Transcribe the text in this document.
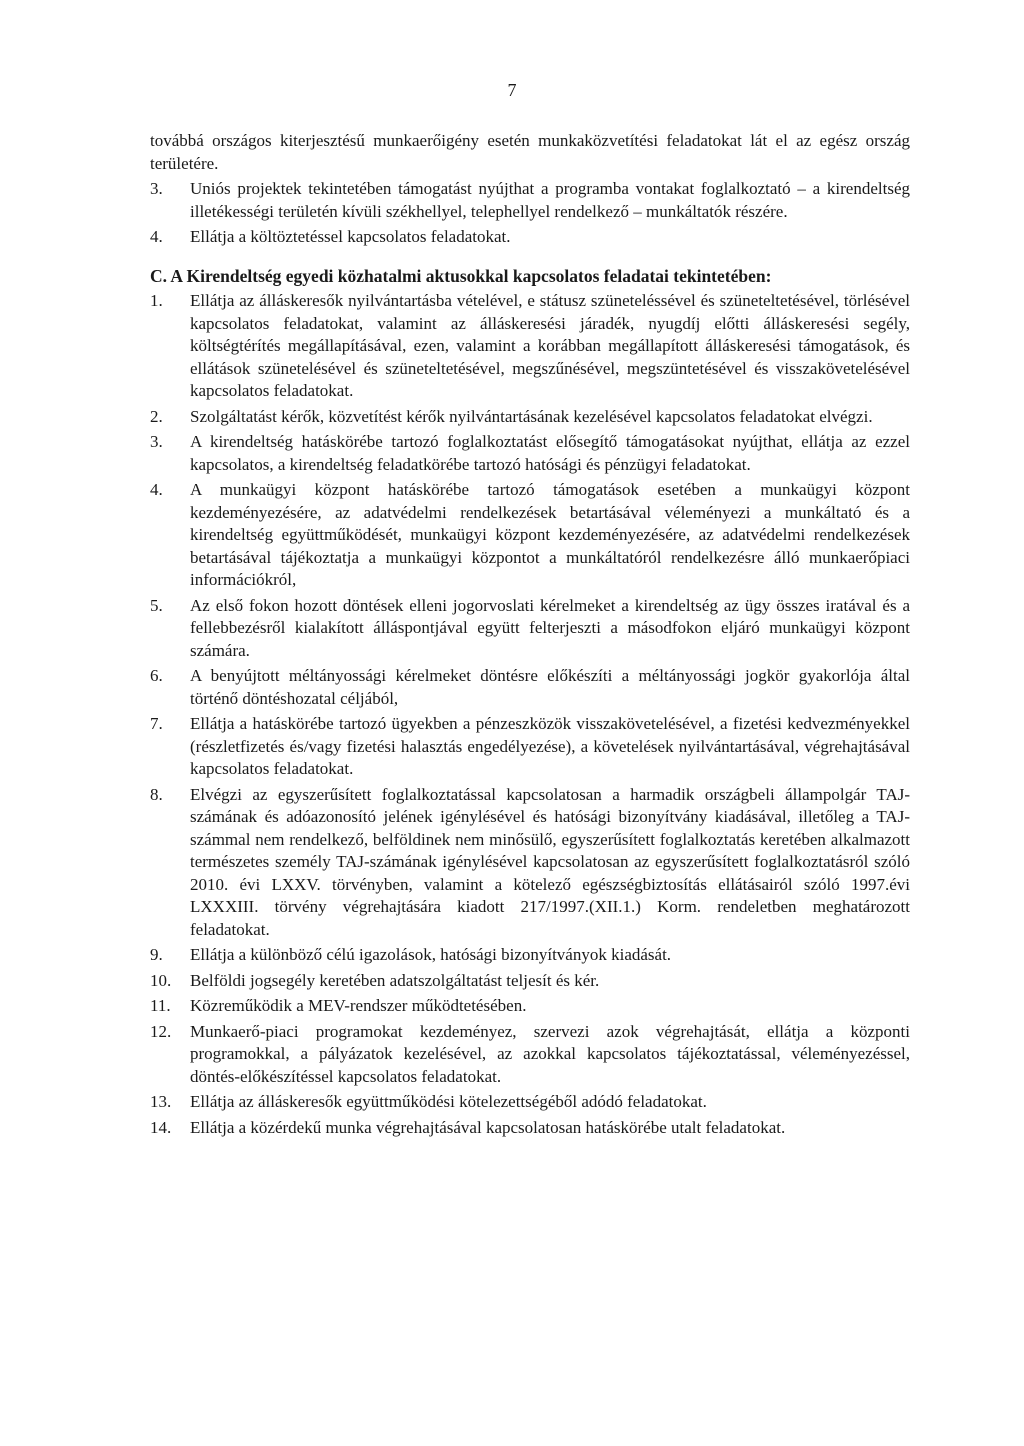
7

továbbá országos kiterjesztésű munkaerőigény esetén munkaközvetítési feladatokat lát el az egész ország területére.

3.	Uniós projektek tekintetében támogatást nyújthat a programba vontakat foglalkoztató – a kirendeltség illetékességi területén kívüli székhellyel, telephellyel rendelkező – munkáltatók részére.
4.	Ellátja a költöztetéssel kapcsolatos feladatokat.
C. A Kirendeltség egyedi közhatalmi aktusokkal kapcsolatos feladatai tekintetében:
1.	Ellátja az álláskeresők nyilvántartásba vételével, e státusz szüneteléssével és szüneteltetésével, törlésével kapcsolatos feladatokat, valamint az álláskeresési járadék, nyugdíj előtti álláskeresési segély, költségtérítés megállapításával, ezen, valamint a korábban megállapított álláskeresési támogatások, és ellátások szünetelésével és szüneteltetésével, megszűnésével, megszüntetésével és visszakövetelésével kapcsolatos feladatokat.
2.	Szolgáltatást kérők, közvetítést kérők nyilvántartásának kezelésével kapcsolatos feladatokat elvégzi.
3.	A kirendeltség hatáskörébe tartozó foglalkoztatást elősegítő támogatásokat nyújthat, ellátja az ezzel kapcsolatos, a kirendeltség feladatkörébe tartozó hatósági és pénzügyi feladatokat.
4.	A munkaügyi központ hatáskörébe tartozó támogatások esetében a munkaügyi központ kezdeményezésére, az adatvédelmi rendelkezések betartásával véleményezi a munkáltató és a kirendeltség együttműködését, munkaügyi központ kezdeményezésére, az adatvédelmi rendelkezések betartásával tájékoztatja a munkaügyi központot a munkáltatóról rendelkezésre álló munkaerőpiaci információkról,
5.	Az első fokon hozott döntések elleni jogorvoslati kérelmeket a kirendeltség az ügy összes iratával és a fellebbezésről kialakított álláspontjával együtt felterjeszti a másodfokon eljáró munkaügyi központ számára.
6.	A benyújtott méltányossági kérelmeket döntésre előkészíti a méltányossági jogkör gyakorlója által történő döntéshozatal céljából,
7.	Ellátja a hatáskörébe tartozó ügyekben a pénzeszközök visszakövetelésével, a fizetési kedvezményekkel (részletfizetés és/vagy fizetési halasztás engedélyezése), a követelések nyilvántartásával, végrehajtásával kapcsolatos feladatokat.
8.	Elvégzi az egyszerűsített foglalkoztatással kapcsolatosan a harmadik országbeli állampolgár TAJ-számának és adóazonosító jelének igénylésével és hatósági bizonyítvány kiadásával, illetőleg a TAJ-számmal nem rendelkező, belföldinek nem minősülő, egyszerűsített foglalkoztatás keretében alkalmazott természetes személy TAJ-számának igénylésével kapcsolatosan az egyszerűsített foglalkoztatásról szóló 2010. évi LXXV. törvényben, valamint a kötelező egészségbiztosítás ellátásairól szóló 1997.évi LXXXIII. törvény végrehajtására kiadott 217/1997.(XII.1.) Korm. rendeletben meghatározott feladatokat.
9.	Ellátja a különböző célú igazolások, hatósági bizonyítványok kiadását.
10.	Belföldi jogsegély keretében adatszolgáltatást teljesít és kér.
11.	Közreműködik a MEV-rendszer működtetésében.
12.	Munkaerő-piaci programokat kezdeményez, szervezi azok végrehajtását, ellátja a központi programokkal, a pályázatok kezelésével, az azokkal kapcsolatos tájékoztatással, véleményezéssel, döntés-előkészítéssel kapcsolatos feladatokat.
13.	Ellátja az álláskeresők együttműködési kötelezettségéből adódó feladatokat.
14.	Ellátja a közérdekű munka végrehajtásával kapcsolatosan hatáskörébe utalt feladatokat.
